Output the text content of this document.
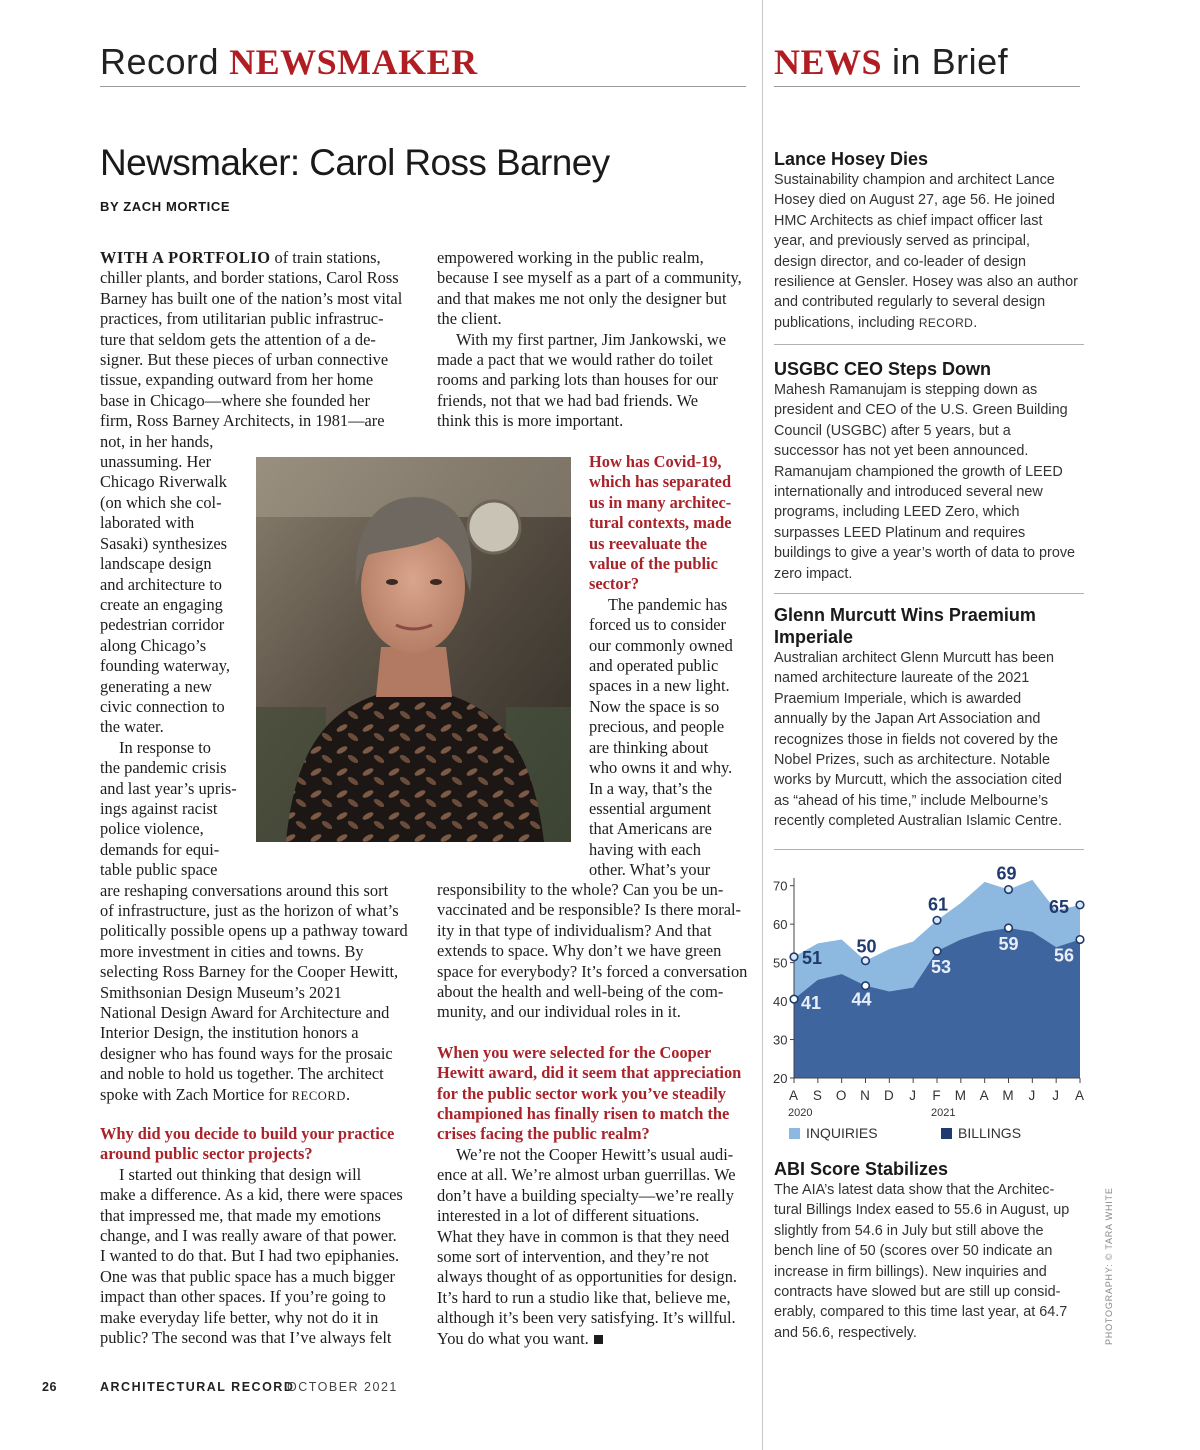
Record NEWSMAKER	NEWS in Brief
Newsmaker: Carol Ross Barney
BY ZACH MORTICE
WITH A PORTFOLIO of train stations,
chiller plants, and border stations, Carol Ross
Barney has built one of the nation’s most vital
practices, from utilitarian public infrastruc-
ture that seldom gets the attention of a de-
signer. But these pieces of urban connective
tissue, expanding outward from her home
base in Chicago—where she founded her
firm, Ross Barney Architects, in 1981—are
not, in her hands,
unassuming. Her
Chicago Riverwalk
(on which she col-
laborated with
Sasaki) synthesizes
landscape design
and architecture to
create an engaging
pedestrian corridor
along Chicago’s
founding waterway,
generating a new
civic connection to
the water.
In response to
the pandemic crisis
and last year’s upris-
ings against racist
police violence,
demands for equi-
table public space
are reshaping conversations around this sort
of infrastructure, just as the horizon of what’s
politically possible opens up a pathway toward
more investment in cities and towns. By
selecting Ross Barney for the Cooper Hewitt,
Smithsonian Design Museum’s 2021
National Design Award for Architecture and
Interior Design, the institution honors a
designer who has found ways for the prosaic
and noble to hold us together. The architect
spoke with Zach Mortice for RECORD.
Why did you decide to build your practice
around public sector projects?
I started out thinking that design will
make a difference. As a kid, there were spaces
that impressed me, that made my emotions
change, and I was really aware of that power.
I wanted to do that. But I had two epiphanies.
One was that public space has a much bigger
impact than other spaces. If you’re going to
make everyday life better, why not do it in
public? The second was that I’ve always felt
empowered working in the public realm,
because I see myself as a part of a community,
and that makes me not only the designer but
the client.
With my first partner, Jim Jankowski, we
made a pact that we would rather do toilet
rooms and parking lots than houses for our
friends, not that we had bad friends. We
think this is more important.
How has Covid-19,
which has separated
us in many architec-
tural contexts, made
us reevaluate the
value of the public
sector?
The pandemic has
forced us to consider
our commonly owned
and operated public
spaces in a new light.
Now the space is so
precious, and people
are thinking about
who owns it and why.
In a way, that’s the
essential argument
that Americans are
having with each
other. What’s your
responsibility to the whole? Can you be un-
vaccinated and be responsible? Is there moral-
ity in that type of individualism? And that
extends to space. Why don’t we have green
space for everybody? It’s forced a conversation
about the health and well-being of the com-
munity, and our individual roles in it.
When you were selected for the Cooper
Hewitt award, did it seem that appreciation
for the public sector work you’ve steadily
championed has finally risen to match the
crises facing the public realm?
We’re not the Cooper Hewitt’s usual audi-
ence at all. We’re almost urban guerrillas. We
don’t have a building specialty—we’re really
interested in a lot of different situations.
What they have in common is that they need
some sort of intervention, and they’re not
always thought of as opportunities for design.
It’s hard to run a studio like that, believe me,
although it’s been very satisfying. It’s willful.
You do what you want.
Lance Hosey Dies
Sustainability champion and architect Lance
Hosey died on August 27, age 56. He joined
HMC Architects as chief impact officer last
year, and previously served as principal,
design director, and co-leader of design
resilience at Gensler. Hosey was also an author
and contributed regularly to several design
publications, including RECORD.
USGBC CEO Steps Down
Mahesh Ramanujam is stepping down as
president and CEO of the U.S. Green Building
Council (USGBC) after 5 years, but a
successor has not yet been announced.
Ramanujam championed the growth of LEED
internationally and introduced several new
programs, including LEED Zero, which
surpasses LEED Platinum and requires
buildings to give a year’s worth of data to prove
zero impact.
Glenn Murcutt Wins Praemium
Imperiale
Australian architect Glenn Murcutt has been
named architecture laureate of the 2021
Praemium Imperiale, which is awarded
annually by the Japan Art Association and
recognizes those in fields not covered by the
Nobel Prizes, such as architecture. Notable
works by Murcutt, which the association cited
as “ahead of his time,” include Melbourne’s
recently completed Australian Islamic Centre.
20
30
40
50
60
70
A S O N D J F M A M J J A
2020	2021
51
50
61
69
65
41 44
53
59
56
INQUIRIES	BILLINGS
ABI Score Stabilizes
The AIA’s latest data show that the Architec-
tural Billings Index eased to 55.6 in August, up
slightly from 54.6 in July but still above the
bench line of 50 (scores over 50 indicate an
increase in firm billings). New inquiries and
contracts have slowed but are still up consid-
erably, compared to this time last year, at 64.7
and 56.6, respectively.
26	ARCHITECTURAL RECORD
OCTOBER 2021
PHOTOGRAPHY: © TARA WHITE
